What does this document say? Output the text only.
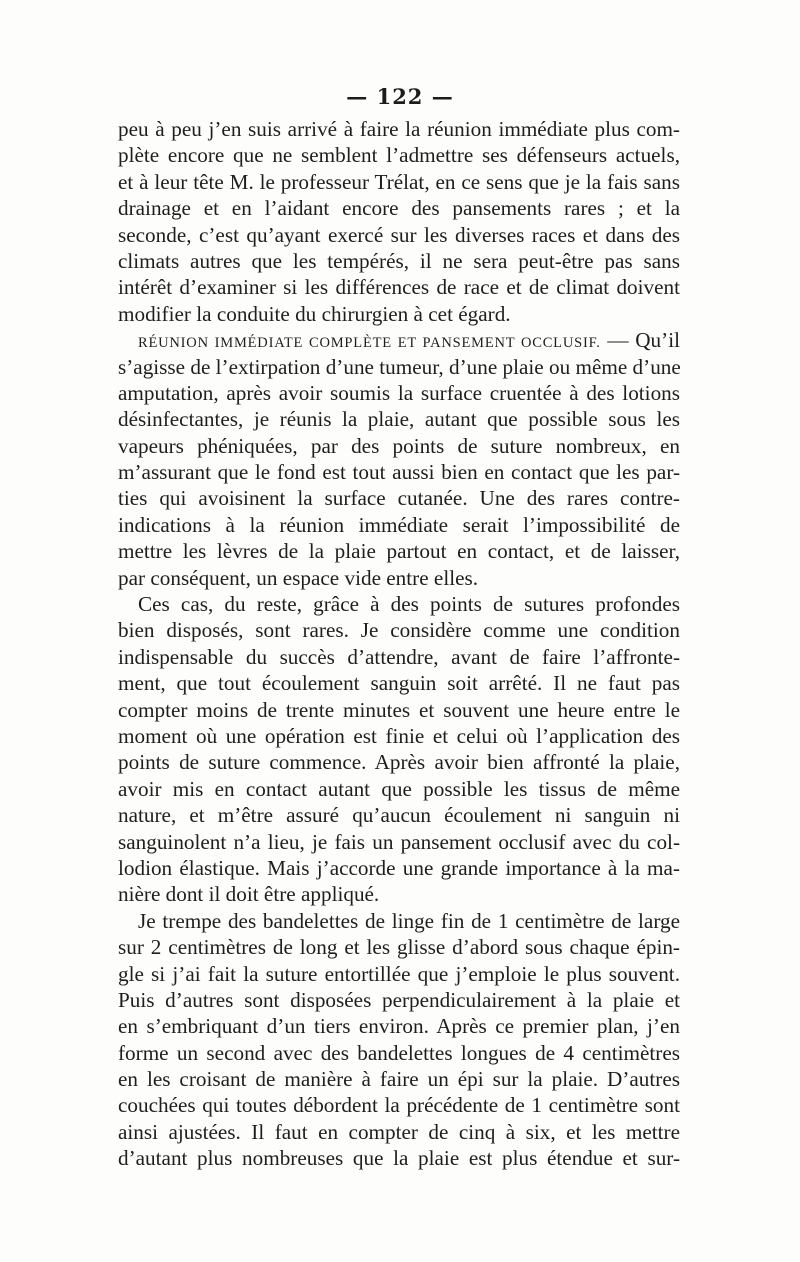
— 122 —
peu à peu j’en suis arrivé à faire la réunion immédiate plus com-
plète encore que ne semblent l’admettre ses défenseurs actuels,
et à leur tête M. le professeur Trélat, en ce sens que je la fais sans
drainage et en l’aidant encore des pansements rares ; et la
seconde, c’est qu’ayant exercé sur les diverses races et dans des
climats autres que les tempérés, il ne sera peut-être pas sans
intérêt d’examiner si les différences de race et de climat doivent
modifier la conduite du chirurgien à cet égard.
RÉUNION IMMÉDIATE COMPLÈTE ET PANSEMENT OCCLUSIF. — Qu’il
s’agisse de l’extirpation d’une tumeur, d’une plaie ou même d’une
amputation, après avoir soumis la surface cruentée à des lotions
désinfectantes, je réunis la plaie, autant que possible sous les
vapeurs phéniquées, par des points de suture nombreux, en
m’assurant que le fond est tout aussi bien en contact que les par-
ties qui avoisinent la surface cutanée. Une des rares contre-
indications à la réunion immédiate serait l’impossibilité de
mettre les lèvres de la plaie partout en contact, et de laisser,
par conséquent, un espace vide entre elles.
Ces cas, du reste, grâce à des points de sutures profondes
bien disposés, sont rares. Je considère comme une condition
indispensable du succès d’attendre, avant de faire l’affronte-
ment, que tout écoulement sanguin soit arrêté. Il ne faut pas
compter moins de trente minutes et souvent une heure entre le
moment où une opération est finie et celui où l’application des
points de suture commence. Après avoir bien affronté la plaie,
avoir mis en contact autant que possible les tissus de même
nature, et m’être assuré qu’aucun écoulement ni sanguin ni
sanguinolent n’a lieu, je fais un pansement occlusif avec du col-
lodion élastique. Mais j’accorde une grande importance à la ma-
nière dont il doit être appliqué.
Je trempe des bandelettes de linge fin de 1 centimètre de large
sur 2 centimètres de long et les glisse d’abord sous chaque épin-
gle si j’ai fait la suture entortillée que j’emploie le plus souvent.
Puis d’autres sont disposées perpendiculairement à la plaie et
en s’embriquant d’un tiers environ. Après ce premier plan, j’en
forme un second avec des bandelettes longues de 4 centimètres
en les croisant de manière à faire un épi sur la plaie. D’autres
couchées qui toutes débordent la précédente de 1 centimètre sont
ainsi ajustées. Il faut en compter de cinq à six, et les mettre
d’autant plus nombreuses que la plaie est plus étendue et sur-
